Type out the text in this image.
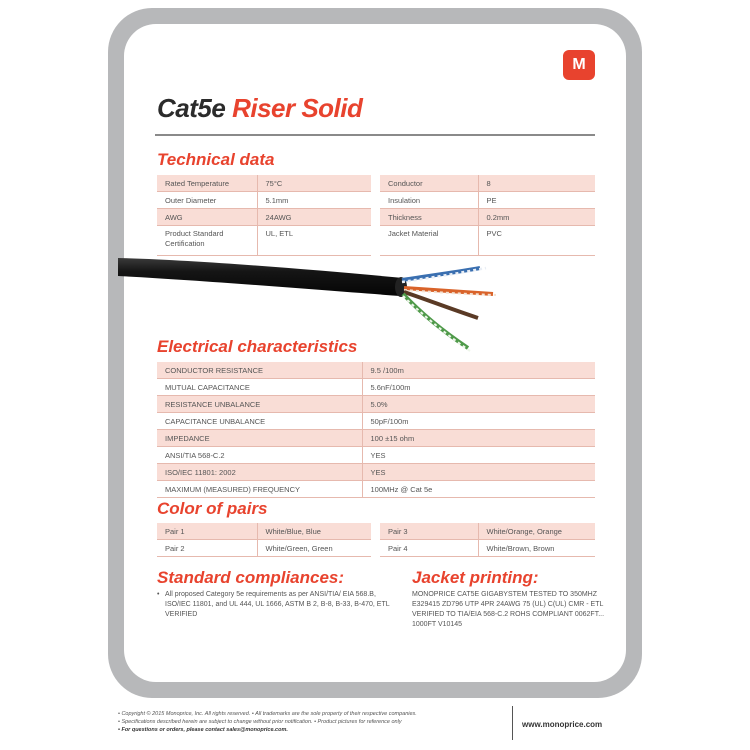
M
Cat5e Riser Solid
Technical data
Rated Temperature	75°C
Outer Diameter	5.1mm
AWG	24AWG
Product Standard Certification	UL, ETL
Conductor	8
Insulation	PE
Thickness	0.2mm
Jacket Material	PVC
Electrical characteristics
CONDUCTOR RESISTANCE	9.5 /100m
MUTUAL CAPACITANCE	5.6nF/100m
RESISTANCE UNBALANCE	5.0%
CAPACITANCE UNBALANCE	50pF/100m
IMPEDANCE	100 ±15 ohm
ANSI/TIA 568-C.2	YES
ISO/IEC 11801: 2002	YES
MAXIMUM (MEASURED) FREQUENCY	100MHz @ Cat 5e
Color of pairs
Pair 1	White/Blue, Blue
Pair 2	White/Green, Green
Pair 3	White/Orange, Orange
Pair 4	White/Brown, Brown
Standard compliances:
• All proposed Category 5e requirements as per ANSI/TIA/ EIA 568.B, ISO/IEC 11801, and UL 444, UL 1666, ASTM B 2, B-8, B-33, B-470, ETL VERIFIED
Jacket printing:

MONOPRICE CAT5E GIGABYSTEM TESTED TO 350MHZ E329415 ZD796 UTP 4PR 24AWG 75 (UL) C(UL) CMR - ETL VERIFIED TO TIA/EIA 568-C.2 ROHS COMPLIANT 0062FT... 1000FT V10145

• Copyright © 2015 Monoprice, Inc. All rights reserved. • All trademarks are the sole property of their respective companies.
• Specifications described herein are subject to change without prior notification. • Product pictures for reference only
• For questions or orders, please contact sales@monoprice.com.
www.monoprice.com
